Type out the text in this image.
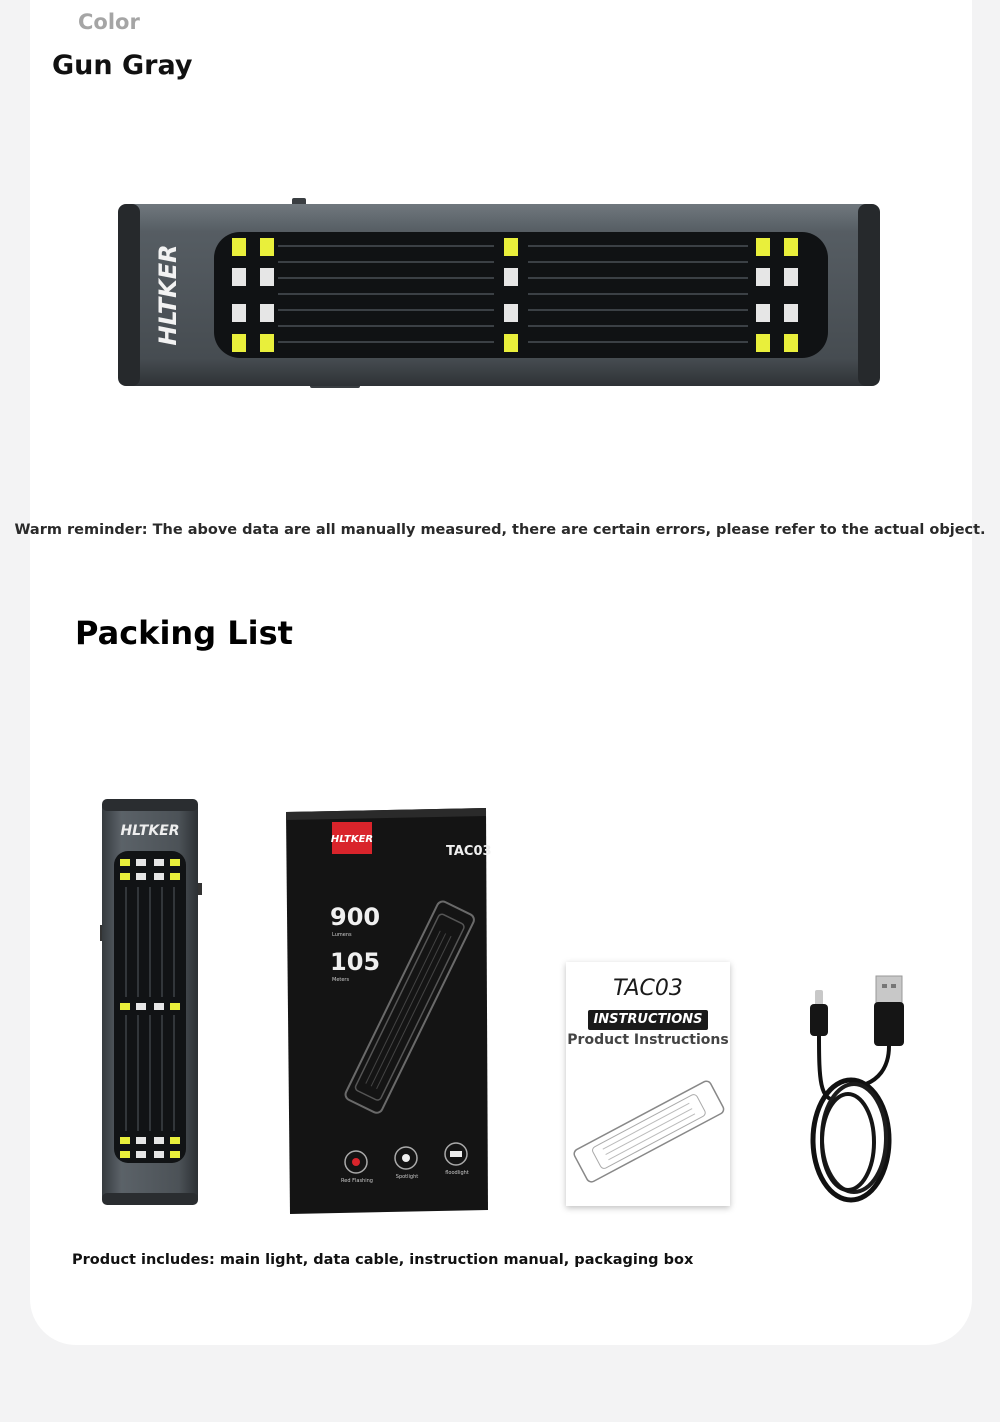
Color
Gun Gray
HLTKER
Warm reminder: The above data are all manually measured, there are certain errors, please refer to the actual object.
Packing List
HLTKER
HLTKER
TAC03
900
Lumens
105
Meters
Red Flashing
Spotlight
floodlight
TAC03
INSTRUCTIONS
Product Instructions
Product includes: main light, data cable, instruction manual, packaging box
